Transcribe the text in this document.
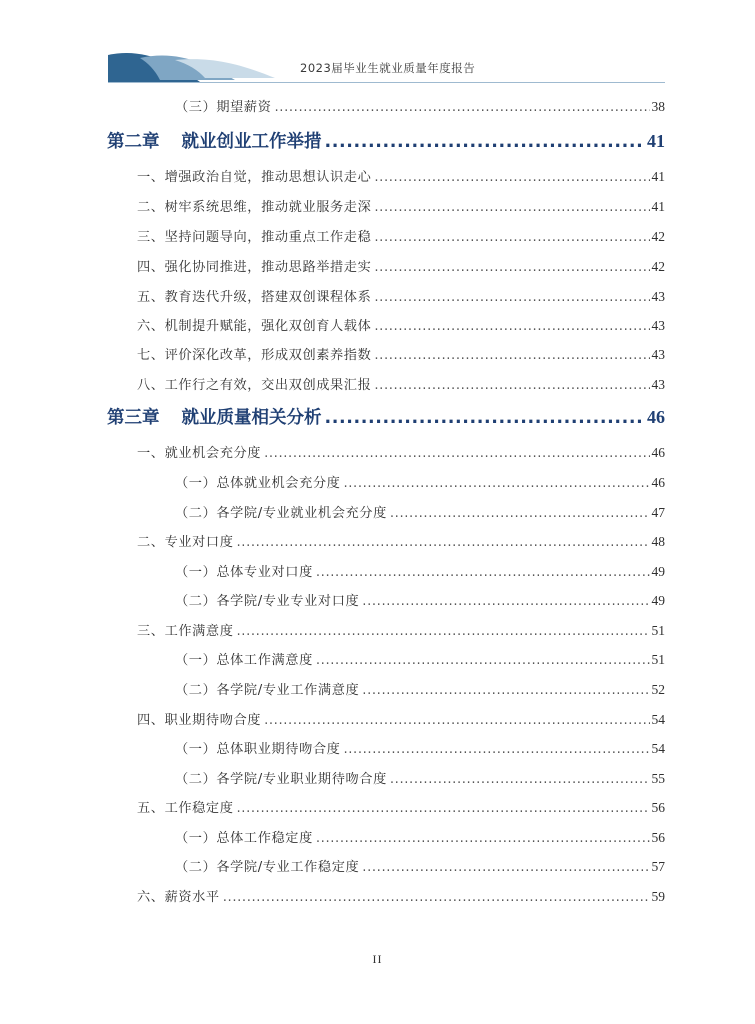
2023届毕业生就业质量年度报告
（三）期望薪资 .....	38
第二章 就业创业工作举措 .....	41
一、增强政治自觉，推动思想认识走心 .....	41
二、树牢系统思维，推动就业服务走深 .....	41
三、坚持问题导向，推动重点工作走稳 .....	42
四、强化协同推进，推动思路举措走实 .....	42
五、教育迭代升级，搭建双创课程体系 .....	43
六、机制提升赋能，强化双创育人载体 .....	43
七、评价深化改革，形成双创素养指数 .....	43
八、工作行之有效，交出双创成果汇报 .....	43
第三章 就业质量相关分析 .....	46
一、就业机会充分度 .....	46
（一）总体就业机会充分度 .....	46
（二）各学院/专业就业机会充分度 .....	47
二、专业对口度 .....	48
（一）总体专业对口度 .....	49
（二）各学院/专业专业对口度 .....	49
三、工作满意度 .....	51
（一）总体工作满意度 .....	51
（二）各学院/专业工作满意度 .....	52
四、职业期待吻合度 .....	54
（一）总体职业期待吻合度 .....	54
（二）各学院/专业职业期待吻合度 .....	55
五、工作稳定度 .....	56
（一）总体工作稳定度 .....	56
（二）各学院/专业工作稳定度 .....	57
六、薪资水平 .....	59
II
